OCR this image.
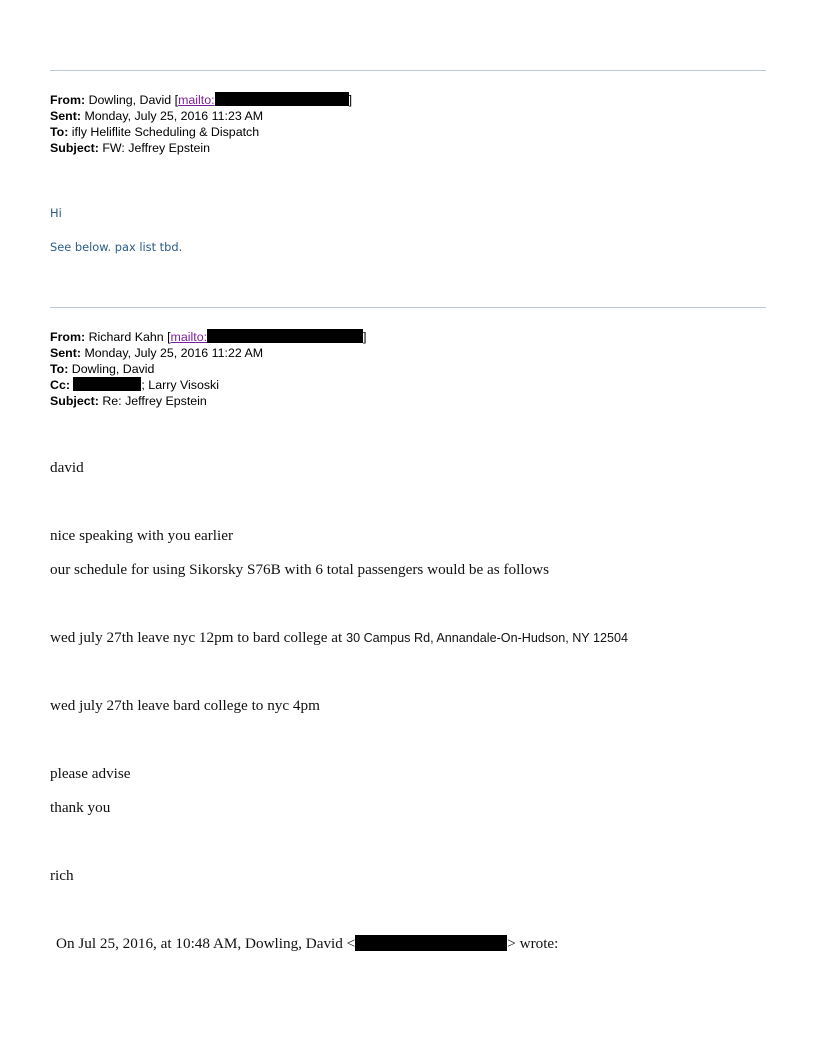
From: Dowling, David [mailto:	]
Sent: Monday, July 25, 2016 11:23 AM
To: ifly Heliflite Scheduling & Dispatch
Subject: FW: Jeffrey Epstein
Hi
See below. pax list tbd.
From: Richard Kahn [mailto:	]
Sent: Monday, July 25, 2016 11:22 AM
To: Dowling, David
Cc:	; Larry Visoski
Subject: Re: Jeffrey Epstein
david
nice speaking with you earlier
our schedule for using Sikorsky S76B with 6 total passengers would be as follows
wed july 27th leave nyc 12pm to bard college at 30 Campus Rd, Annandale-On-Hudson, NY 12504
wed july 27th leave bard college to nyc 4pm
please advise
thank you
rich
On Jul 25, 2016, at 10:48 AM, Dowling, David <	> wrote:
